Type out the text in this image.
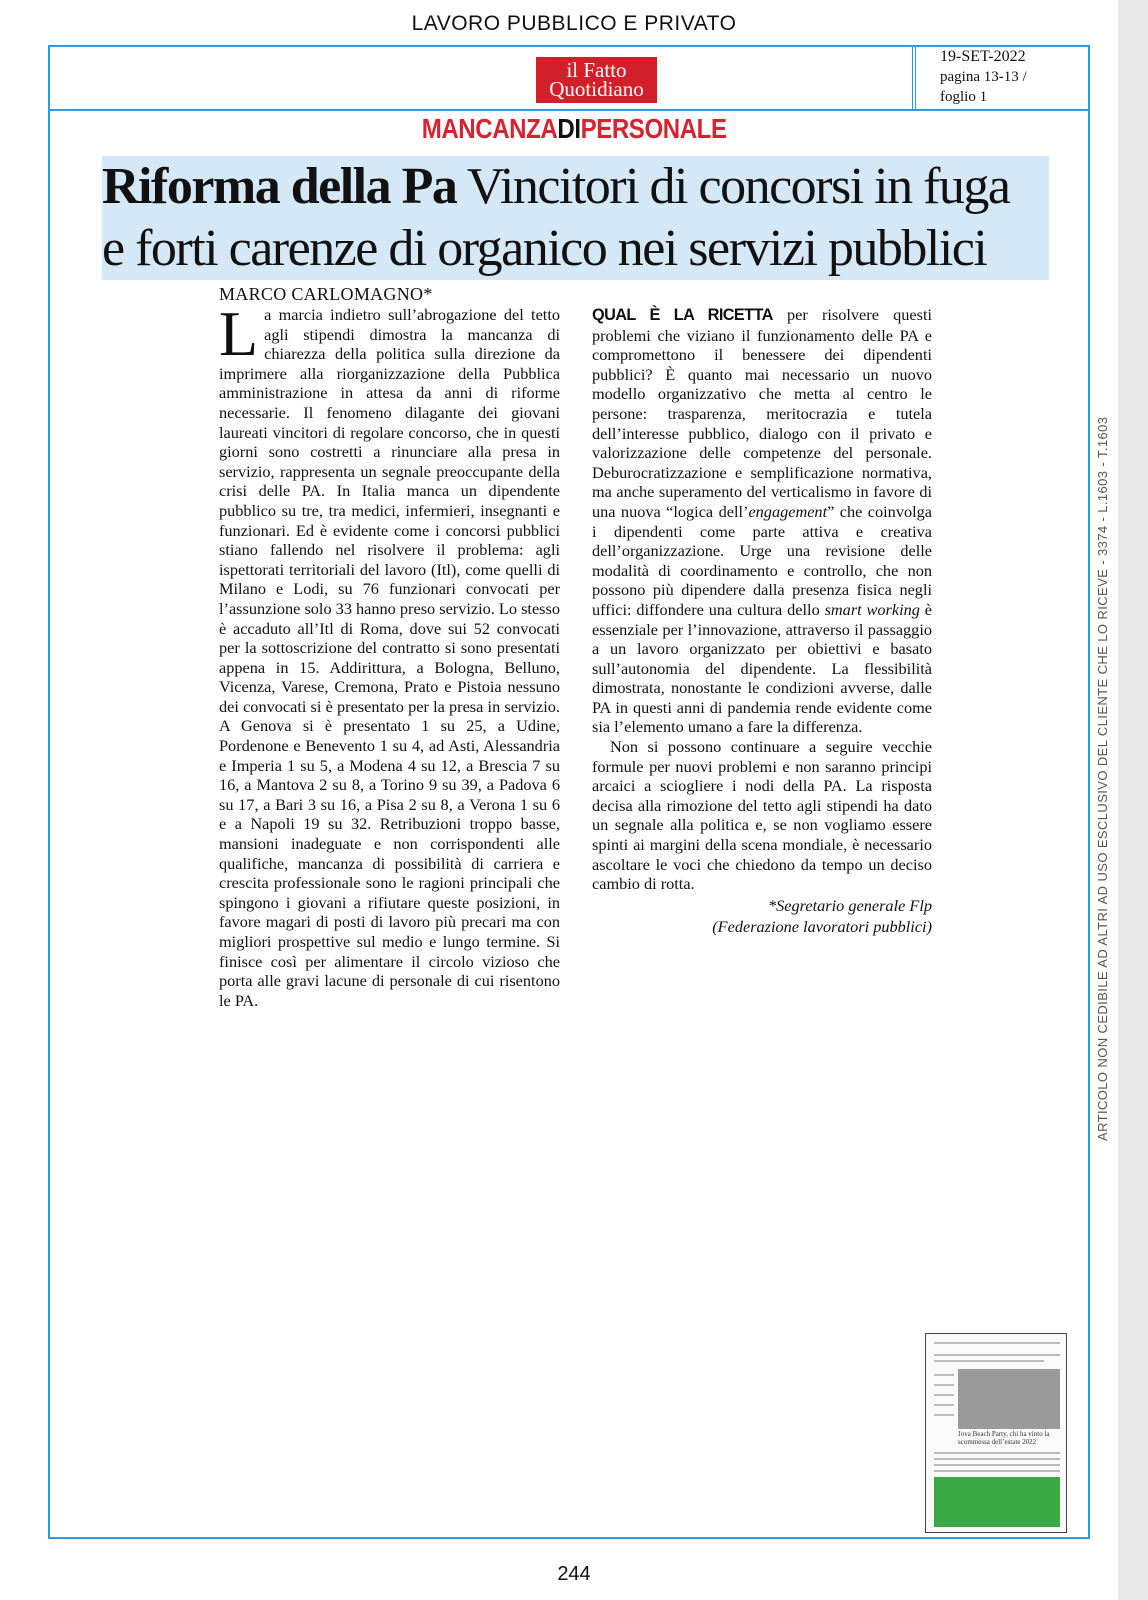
LAVORO PUBBLICO E PRIVATO
il Fatto
Quotidiano
19-SET-2022
pagina 13-13 /
foglio 1
MANCANZADIPERSONALE
Riforma della Pa Vincitori di concorsi in fuga
e forti carenze di organico nei servizi pubblici
MARCO CARLOMAGNO*

La marcia indietro sull’abrogazione del tetto agli stipendi dimostra la mancanza di chiarezza della politica sulla direzione da imprimere alla riorganizzazione della Pubblica amministrazione in attesa da anni di riforme necessarie. Il fenomeno dilagante dei giovani laureati vincitori di regolare concorso, che in questi giorni sono costretti a rinunciare alla presa in servizio, rappresenta un segnale preoccupante della crisi delle PA. In Italia manca un dipendente pubblico su tre, tra medici, infermieri, insegnanti e funzionari. Ed è evidente come i concorsi pubblici stiano fallendo nel risolvere il problema: agli ispettorati territoriali del lavoro (Itl), come quelli di Milano e Lodi, su 76 funzionari convocati per l’assunzione solo 33 hanno preso servizio. Lo stesso è accaduto all’Itl di Roma, dove sui 52 convocati per la sottoscrizione del contratto si sono presentati appena in 15. Addirittura, a Bologna, Belluno, Vicenza, Varese, Cremona, Prato e Pistoia nessuno dei convocati si è presentato per la presa in servizio. A Genova si è presentato 1 su 25, a Udine, Pordenone e Benevento 1 su 4, ad Asti, Alessandria e Imperia 1 su 5, a Modena 4 su 12, a Brescia 7 su 16, a Mantova 2 su 8, a Torino 9 su 39, a Padova 6 su 17, a Bari 3 su 16, a Pisa 2 su 8, a Verona 1 su 6 e a Napoli 19 su 32. Retribuzioni troppo basse, mansioni inadeguate e non corrispondenti alle qualifiche, mancanza di possibilità di carriera e crescita professionale sono le ragioni principali che spingono i giovani a rifiutare queste posizioni, in favore magari di posti di lavoro più precari ma con migliori prospettive sul medio e lungo termine. Si finisce così per alimentare il circolo vizioso che porta alle gravi lacune di personale di cui risentono le PA.

QUAL È LA RICETTA per risolvere questi problemi che viziano il funzionamento delle PA e compromettono il benessere dei dipendenti pubblici? È quanto mai necessario un nuovo modello organizzativo che metta al centro le persone: trasparenza, meritocrazia e tutela dell’interesse pubblico, dialogo con il privato e valorizzazione delle competenze del personale. Deburocratizzazione e semplificazione normativa, ma anche superamento del verticalismo in favore di una nuova “logica dell’engagement” che coinvolga i dipendenti come parte attiva e creativa dell’organizzazione. Urge una revisione delle modalità di coordinamento e controllo, che non possono più dipendere dalla presenza fisica negli uffici: diffondere una cultura dello smart working è essenziale per l’innovazione, attraverso il passaggio a un lavoro organizzato per obiettivi e basato sull’autonomia del dipendente. La flessibilità dimostrata, nonostante le condizioni avverse, dalle PA in questi anni di pandemia rende evidente come sia l’elemento umano a fare la differenza.

Non si possono continuare a seguire vecchie formule per nuovi problemi e non saranno principi arcaici a sciogliere i nodi della PA. La risposta decisa alla rimozione del tetto agli stipendi ha dato un segnale alla politica e, se non vogliamo essere spinti ai margini della scena mondiale, è necessario ascoltare le voci che chiedono da tempo un deciso cambio di rotta.

*Segretario generale Flp
(Federazione lavoratori pubblici)	ARTICOLO NON CEDIBILE AD ALTRI AD USO ESCLUSIVO DEL CLIENTE CHE LO RICEVE - 3374 - L.1603 - T.1603
Jova Beach Party, chi ha vinto la scommessa dell’estate 2022
244
